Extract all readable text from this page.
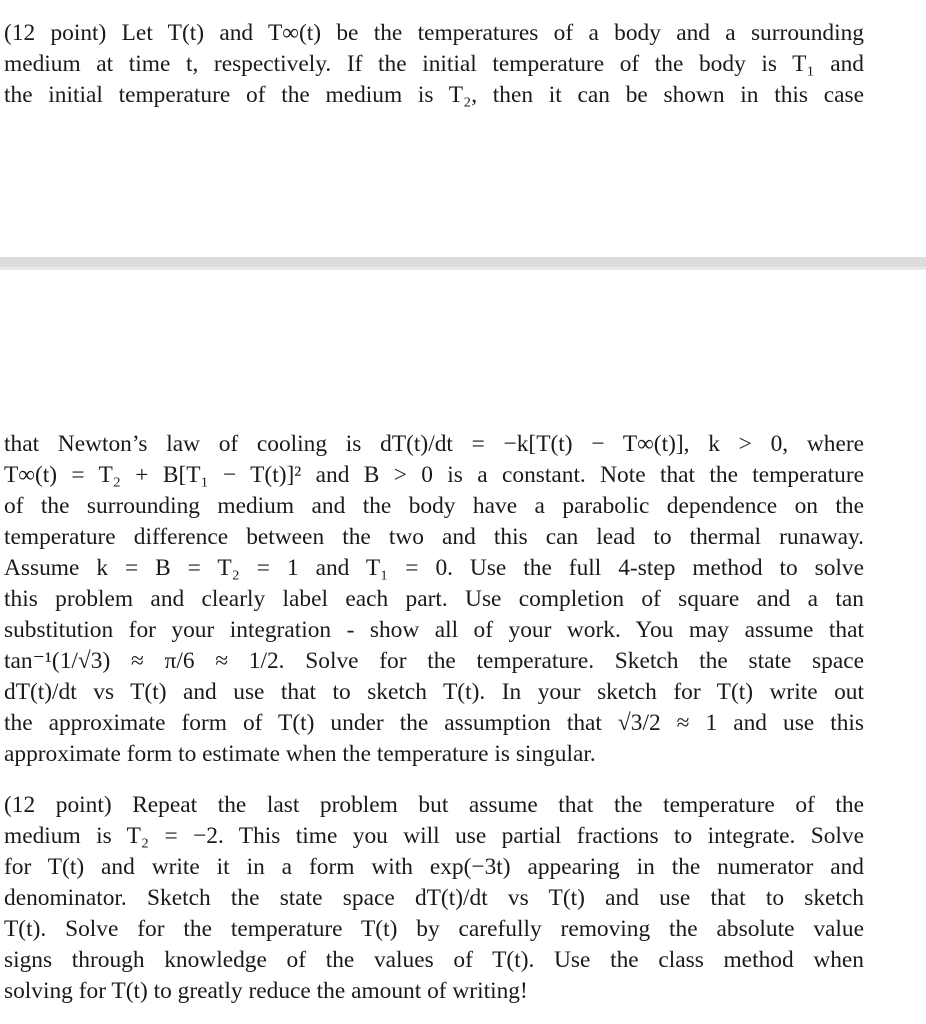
(12 point) Let T(t) and T∞(t) be the temperatures of a body and a surrounding
medium at time t, respectively. If the initial temperature of the body is T₁ and
the initial temperature of the medium is T₂, then it can be shown in this case
that Newton’s law of cooling is dT(t)/dt = −k[T(t) − T∞(t)], k > 0, where
T∞(t) = T₂ + B[T₁ − T(t)]² and B > 0 is a constant. Note that the temperature
of the surrounding medium and the body have a parabolic dependence on the
temperature difference between the two and this can lead to thermal runaway.
Assume k = B = T₂ = 1 and T₁ = 0. Use the full 4-step method to solve
this problem and clearly label each part. Use completion of square and a tan
substitution for your integration - show all of your work. You may assume that
tan⁻¹(1/√3) ≈ π/6 ≈ 1/2. Solve for the temperature. Sketch the state space
dT(t)/dt vs T(t) and use that to sketch T(t). In your sketch for T(t) write out
the approximate form of T(t) under the assumption that √3/2 ≈ 1 and use this
approximate form to estimate when the temperature is singular.
(12 point) Repeat the last problem but assume that the temperature of the
medium is T₂ = −2. This time you will use partial fractions to integrate. Solve
for T(t) and write it in a form with exp(−3t) appearing in the numerator and
denominator. Sketch the state space dT(t)/dt vs T(t) and use that to sketch
T(t). Solve for the temperature T(t) by carefully removing the absolute value
signs through knowledge of the values of T(t). Use the class method when
solving for T(t) to greatly reduce the amount of writing!
